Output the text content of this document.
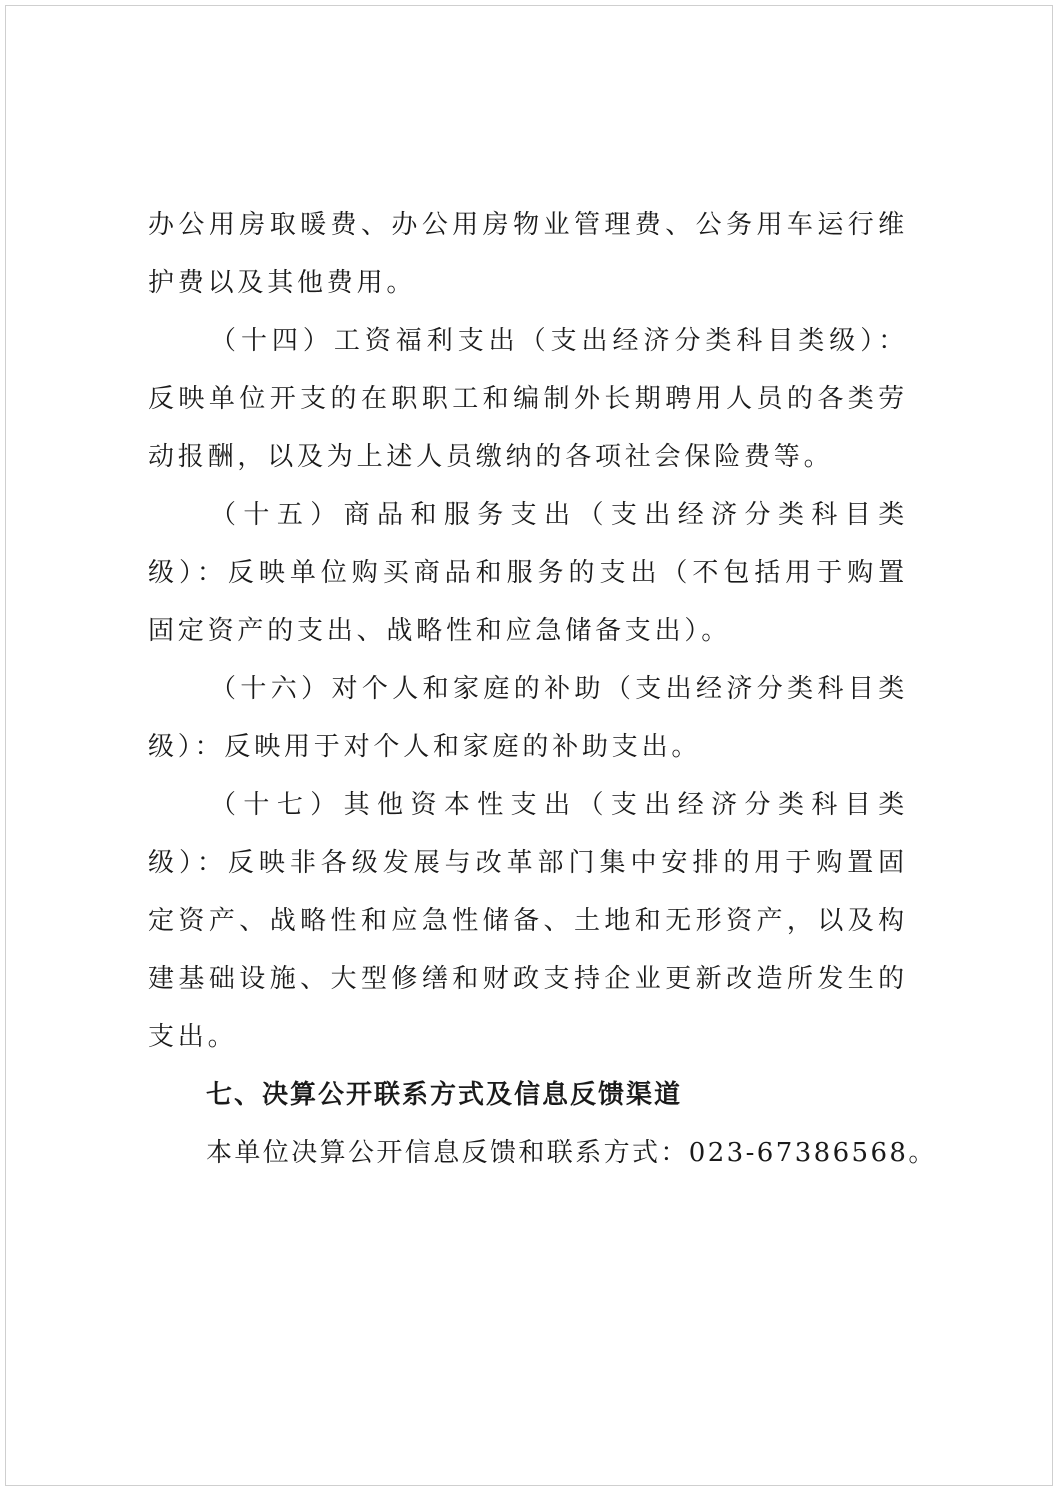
办公用房取暖费、办公用房物业管理费、公务用车运行维护费以及其他费用。

（十四）工资福利支出（支出经济分类科目类级）：反映单位开支的在职职工和编制外长期聘用人员的各类劳动报酬，以及为上述人员缴纳的各项社会保险费等。

（十五）商品和服务支出（支出经济分类科目类级）：反映单位购买商品和服务的支出（不包括用于购置固定资产的支出、战略性和应急储备支出）。

（十六）对个人和家庭的补助（支出经济分类科目类级）：反映用于对个人和家庭的补助支出。

（十七）其他资本性支出（支出经济分类科目类级）：反映非各级发展与改革部门集中安排的用于购置固定资产、战略性和应急性储备、土地和无形资产，以及构建基础设施、大型修缮和财政支持企业更新改造所发生的支出。

七、决算公开联系方式及信息反馈渠道

本单位决算公开信息反馈和联系方式：023-67386568。
